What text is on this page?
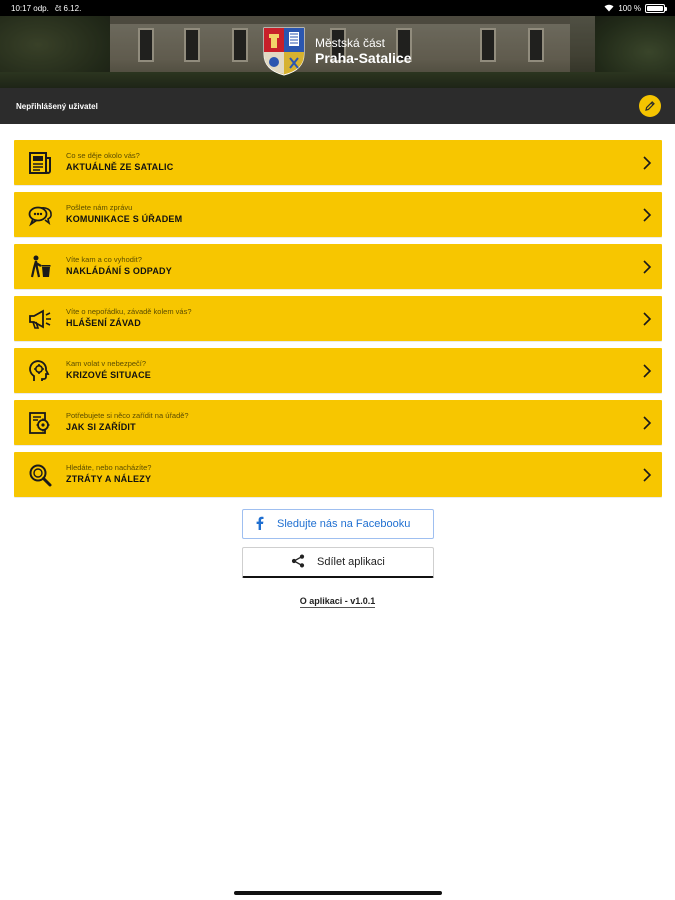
10:17 odp. čt 6.12.	100 %
Městská část
Praha-Satalice
Nepřihlášený uživatel
Co se děje okolo vás?
AKTUÁLNĚ ZE SATALIC
Pošlete nám zprávu
KOMUNIKACE S ÚŘADEM
Víte kam a co vyhodit?
NAKLÁDÁNÍ S ODPADY
Víte o nepořádku, závadě kolem vás?
HLÁŠENÍ ZÁVAD
Kam volat v nebezpečí?
KRIZOVÉ SITUACE
Potřebujete si něco zařídit na úřadě?
JAK SI ZAŘÍDIT
Hledáte, nebo nacházíte?
ZTRÁTY A NÁLEZY
Sledujte nás na Facebooku
Sdílet aplikaci
O aplikaci - v1.0.1
